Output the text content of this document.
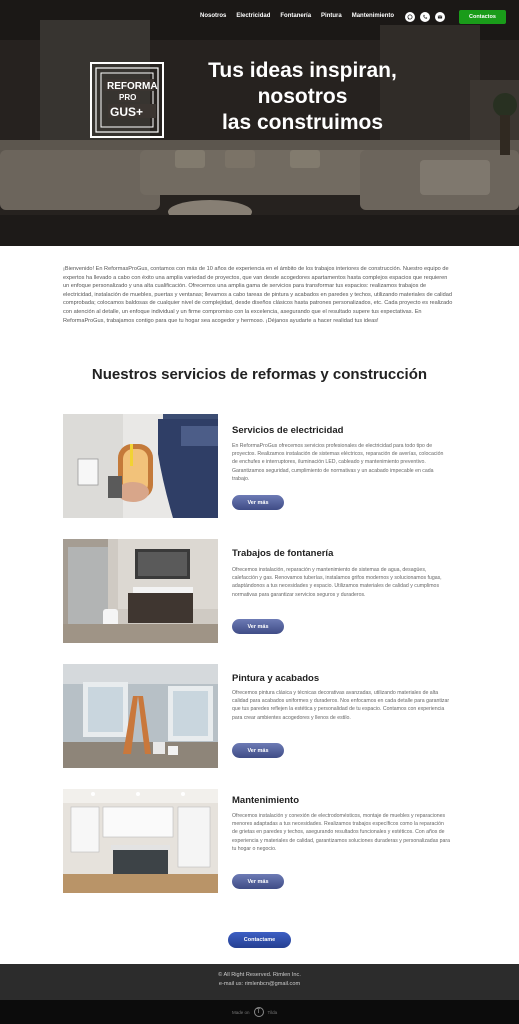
Nosotros Electricidad Fontanería Pintura Mantenimiento	Contactos
REFORMA
PRO
GUS+
Tus ideas inspiran,
nosotros
las construimos

¡Bienvenido! En ReformasProGus, contamos con más de 10 años de experiencia en el ámbito de los trabajos interiores de construcción. Nuestro equipo de expertos ha llevado a cabo con éxito una amplia variedad de proyectos, que van desde acogedores apartamentos hasta complejos espacios que requieren un enfoque personalizado y una alta cualificación. Ofrecemos una amplia gama de servicios para transformar tus espacios: realizamos trabajos de electricidad, instalación de muebles, puertas y ventanas; llevamos a cabo tareas de pintura y acabados en paredes y techos, utilizando materiales de calidad comprobada; colocamos baldosas de cualquier nivel de complejidad, desde diseños clásicos hasta patrones personalizados, etc. Cada proyecto es realizado con atención al detalle, un enfoque individual y un firme compromiso con la excelencia, asegurando que el resultado supere tus expectativas. En ReformaProGus, trabajamos contigo para que tu hogar sea acogedor y hermoso. ¡Déjanos ayudarte a hacer realidad tus ideas!

Nuestros servicios de reformas y construcción
Servicios de electricidad
En ReformaProGus ofrecemos servicios profesionales de electricidad para todo tipo de proyectos. Realizamos instalación de sistemas eléctricos, reparación de averías, colocación de enchufes e interruptores, iluminación LED, cableado y mantenimiento preventivo. Garantizamos seguridad, cumplimiento de normativas y un acabado impecable en cada trabajo.
Ver más
Trabajos de fontanería
Ofrecemos instalación, reparación y mantenimiento de sistemas de agua, desagües, calefacción y gas. Renovamos tuberías, instalamos grifos modernos y solucionamos fugas, adaptándonos a tus necesidades y espacio. Utilizamos materiales de calidad y cumplimos normativas para garantizar servicios seguros y duraderos.
Ver más
Pintura y acabados
Ofrecemos pintura clásica y técnicas decorativas avanzadas, utilizando materiales de alta calidad para acabados uniformes y duraderos. Nos enfocamos en cada detalle para garantizar que tus paredes reflejen la estética y personalidad de tu espacio. Contamos con experiencia para crear ambientes acogedores y llenos de estilo.
Ver más
Mantenimiento
Ofrecemos instalación y conexión de electrodomésticos, montaje de muebles y reparaciones menores adaptadas a tus necesidades. Realizamos trabajos específicos como la reparación de grietas en paredes y techos, asegurando resultados funcionales y estéticos. Con años de experiencia y materiales de calidad, garantizamos soluciones duraderas y personalizadas para tu hogar o negocio.
Ver más
Contactame
© All Right Reserved. Rimlen Inc.
e-mail us: rimlenbcn@gmail.com
Made on	T	Tilda
